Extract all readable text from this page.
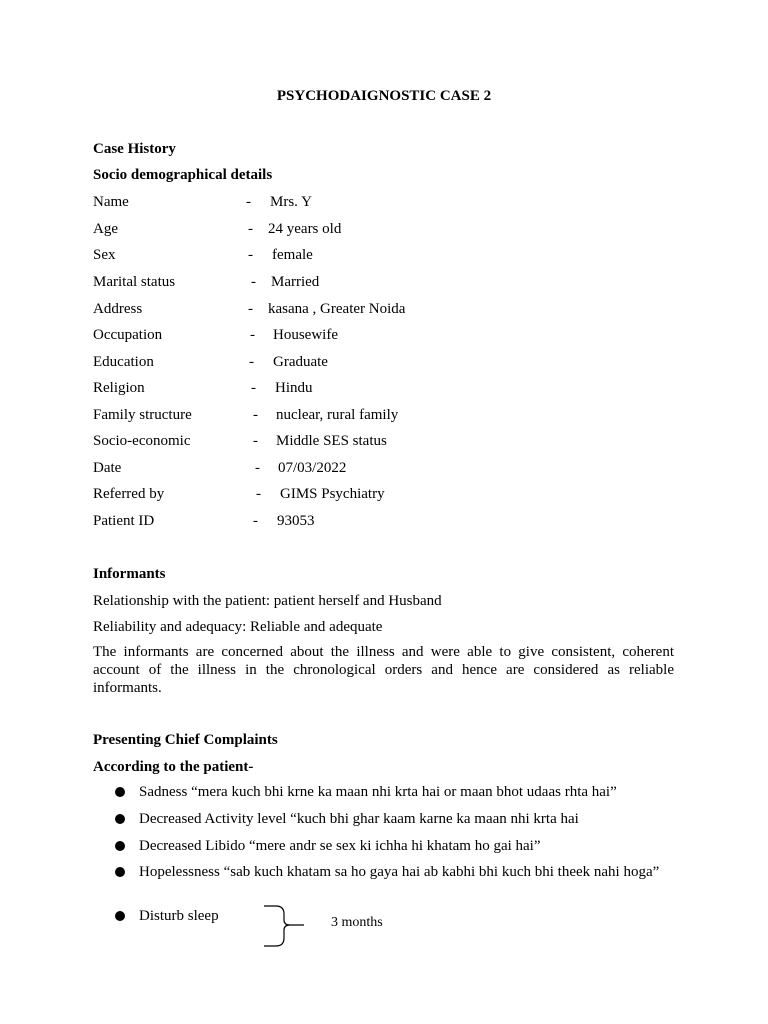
PSYCHODAIGNOSTIC CASE 2
Case History
Socio demographical details
Name	- Mrs. Y
Age	- 24 years old
Sex	- female
Marital status	- Married
Address	- kasana , Greater Noida
Occupation	- Housewife
Education	- Graduate
Religion	- Hindu
Family structure	- nuclear, rural family
Socio-economic	- Middle SES status
Date	- 07/03/2022
Referred by	- GIMS Psychiatry
Patient ID	- 93053
Informants
Relationship with the patient: patient herself and Husband
Reliability and adequacy: Reliable and adequate
The informants are concerned about the illness and were able to give consistent, coherent account of the illness in the chronological orders and hence are considered as reliable informants.
Presenting Chief Complaints
According to the patient-
Sadness “mera kuch bhi krne ka maan nhi krta hai or maan bhot udaas rhta hai”
Decreased Activity level “kuch bhi ghar kaam karne ka maan nhi krta hai
Decreased Libido “mere andr se sex ki ichha hi khatam ho gai hai”
Hopelessness “sab kuch khatam sa ho gaya hai ab kabhi bhi kuch bhi theek nahi hoga”
Disturb sleep	3 months
